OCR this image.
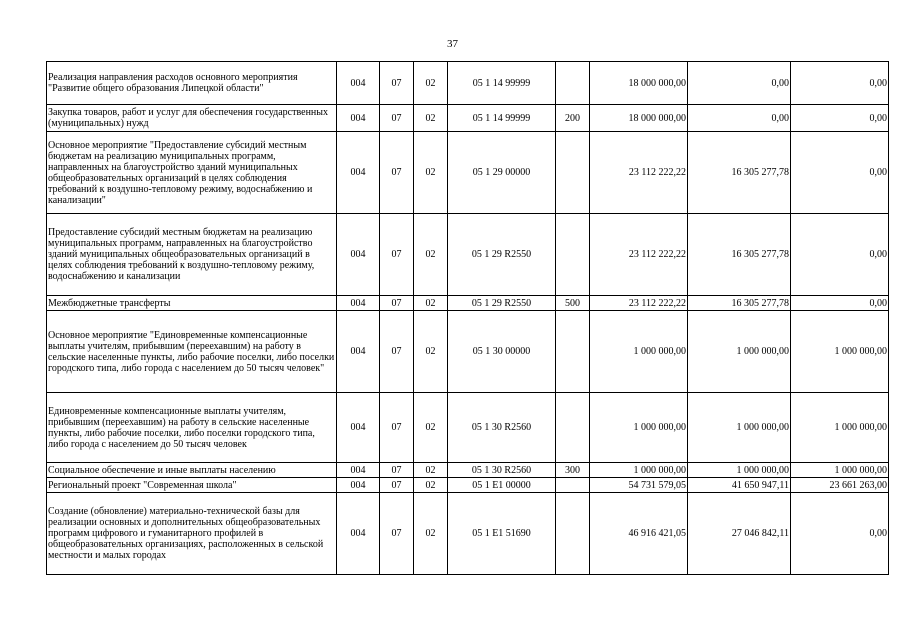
37
Реализация направления расходов основного мероприятия "Развитие общего образования Липецкой области"	004	07	02	05 1 14 99999		18 000 000,00	0,00	0,00
Закупка товаров, работ и услуг для обеспечения государственных (муниципальных) нужд	004	07	02	05 1 14 99999	200	18 000 000,00	0,00	0,00
Основное мероприятие "Предоставление субсидий местным бюджетам на реализацию муниципальных программ, направленных на благоустройство зданий муниципальных общеобразовательных организаций в целях соблюдения требований к воздушно-тепловому режиму, водоснабжению и канализации"	004	07	02	05 1 29 00000		23 112 222,22	16 305 277,78	0,00
Предоставление субсидий местным бюджетам на реализацию муниципальных программ, направленных на благоустройство зданий муниципальных общеобразовательных организаций в целях соблюдения требований к воздушно-тепловому режиму, водоснабжению и канализации	004	07	02	05 1 29 R2550		23 112 222,22	16 305 277,78	0,00
Межбюджетные трансферты	004	07	02	05 1 29 R2550	500	23 112 222,22	16 305 277,78	0,00
Основное мероприятие "Единовременные компенсационные выплаты учителям, прибывшим (переехавшим) на работу в сельские населенные пункты, либо рабочие поселки, либо поселки городского типа, либо города с населением до 50 тысяч человек"	004	07	02	05 1 30 00000		1 000 000,00	1 000 000,00	1 000 000,00
Единовременные компенсационные выплаты учителям, прибывшим (переехавшим) на работу в сельские населенные пункты, либо рабочие поселки, либо поселки городского типа, либо города с населением до 50 тысяч человек	004	07	02	05 1 30 R2560		1 000 000,00	1 000 000,00	1 000 000,00
Социальное обеспечение и иные выплаты населению	004	07	02	05 1 30 R2560	300	1 000 000,00	1 000 000,00	1 000 000,00
Региональный проект "Современная школа"	004	07	02	05 1 E1 00000		54 731 579,05	41 650 947,11	23 661 263,00
Создание (обновление) материально-технической базы для реализации основных и дополнительных общеобразовательных программ цифрового и гуманитарного профилей в общеобразовательных организациях, расположенных в сельской местности и малых городах	004	07	02	05 1 E1 51690		46 916 421,05	27 046 842,11	0,00
